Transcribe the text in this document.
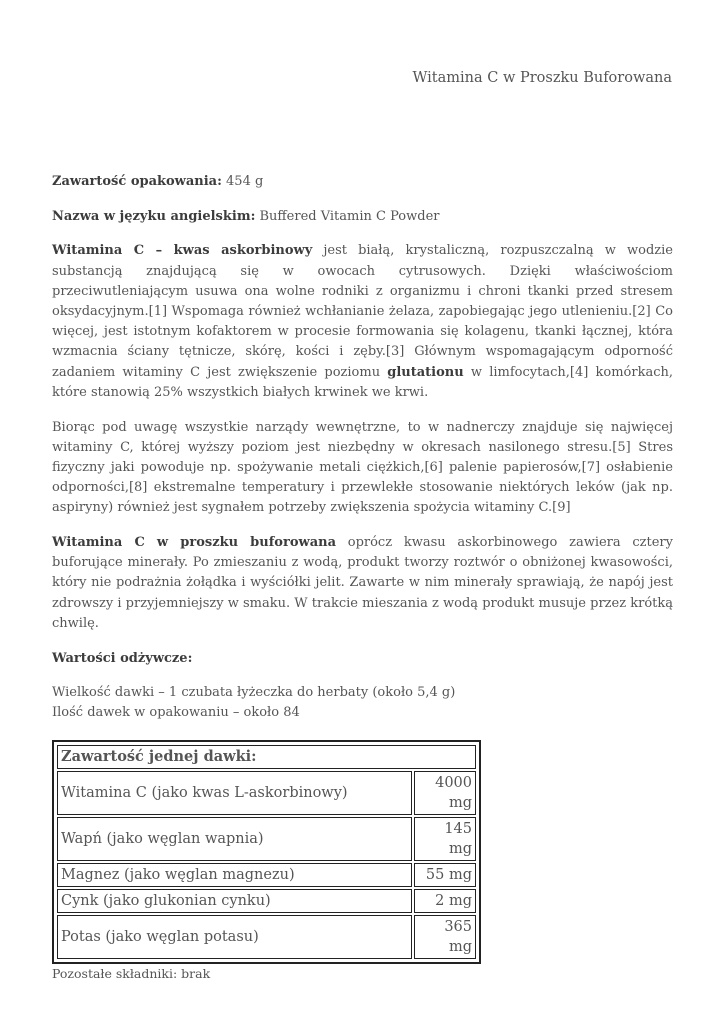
Witamina C w Proszku Buforowana

Zawartość opakowania: 454 g

Nazwa w języku angielskim: Buffered Vitamin C Powder

Witamina C – kwas askorbinowy jest białą, krystaliczną, rozpuszczalną w wodzie substancją znajdującą się w owocach cytrusowych. Dzięki właściwościom przeciwutleniającym usuwa ona wolne rodniki z organizmu i chroni tkanki przed stresem oksydacyjnym.[1] Wspomaga również wchłanianie żelaza, zapobiegając jego utlenieniu.[2] Co więcej, jest istotnym kofaktorem w procesie formowania się kolagenu, tkanki łącznej, która wzmacnia ściany tętnicze, skórę, kości i zęby.[3] Głównym wspomagającym odporność zadaniem witaminy C jest zwiększenie poziomu glutationu w limfocytach,[4] komórkach, które stanowią 25% wszystkich białych krwinek we krwi.

Biorąc pod uwagę wszystkie narządy wewnętrzne, to w nadnerczy znajduje się najwięcej witaminy C, której wyższy poziom jest niezbędny w okresach nasilonego stresu.[5] Stres fizyczny jaki powoduje np. spożywanie metali ciężkich,[6] palenie papierosów,[7] osłabienie odporności,[8] ekstremalne temperatury i przewlekłe stosowanie niektórych leków (jak np. aspiryny) również jest sygnałem potrzeby zwiększenia spożycia witaminy C.[9]

Witamina C w proszku buforowana oprócz kwasu askorbinowego zawiera cztery buforujące minerały. Po zmieszaniu z wodą, produkt tworzy roztwór o obniżonej kwasowości, który nie podrażnia żołądka i wyściółki jelit. Zawarte w nim minerały sprawiają, że napój jest zdrowszy i przyjemniejszy w smaku. W trakcie mieszania z wodą produkt musuje przez krótką chwilę.

Wartości odżywcze:

Wielkość dawki – 1 czubata łyżeczka do herbaty (około 5,4 g)

Ilość dawek w opakowaniu – około 84

Zawartość jednej dawki:	
Witamina C (jako kwas L-askorbinowy)	4000 mg
Wapń (jako węglan wapnia)	145 mg
Magnez (jako węglan magnezu)	55 mg
Cynk (jako glukonian cynku)	2 mg
Potas (jako węglan potasu)	365 mg
Pozostałe składniki: brak
